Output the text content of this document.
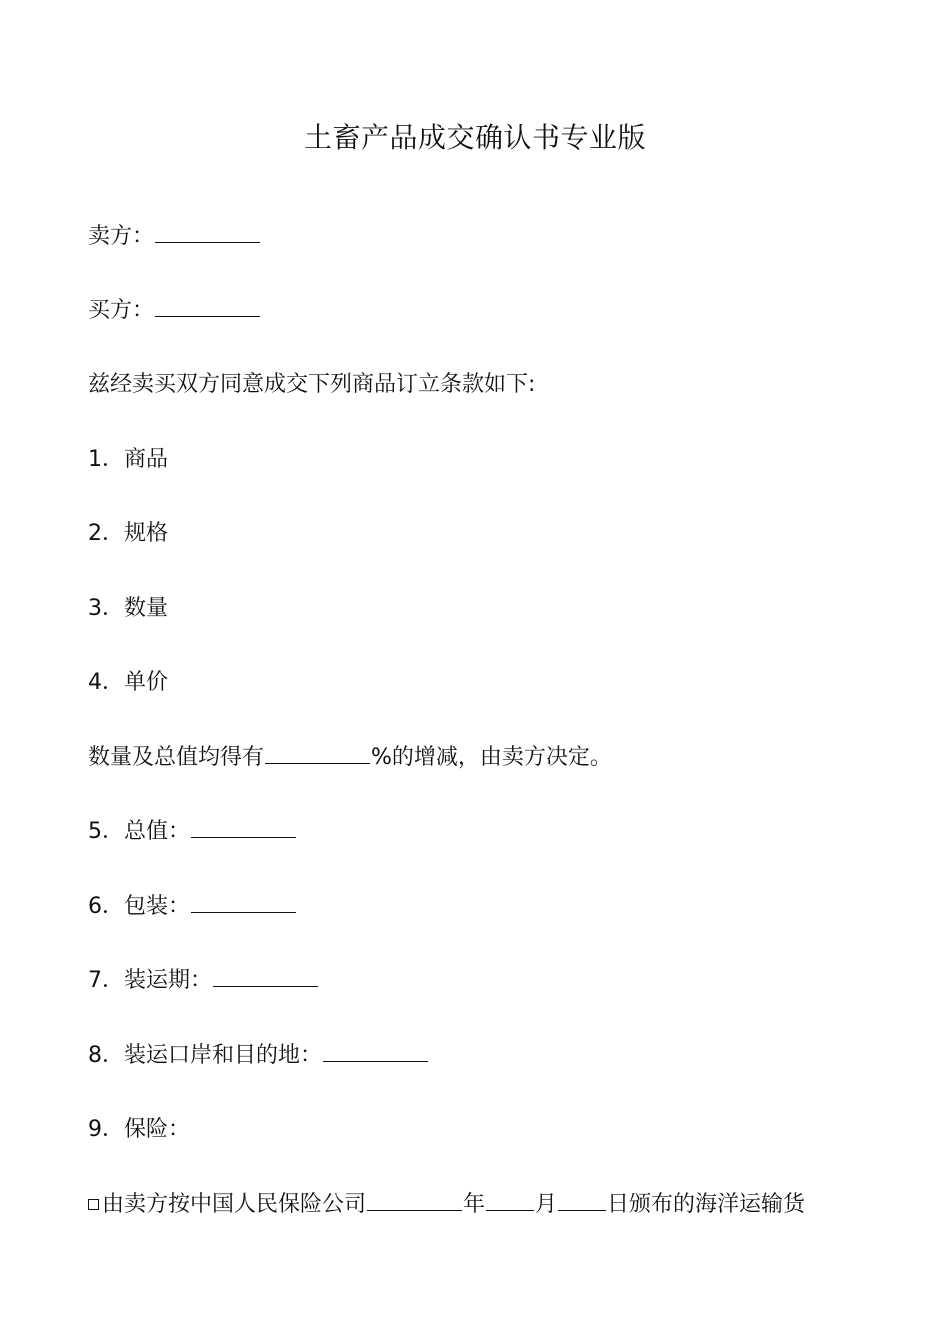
土畜产品成交确认书专业版
卖方：
买方：
兹经卖买双方同意成交下列商品订立条款如下:
1．商品
2．规格
3．数量
4．单价
数量及总值均得有	%的增减，由卖方决定。
5．总值：
6．包装：
7．装运期：
8．装运口岸和目的地：
9．保险：
由卖方按中国人民保险公司	年 月 日颁布的海洋运输货
